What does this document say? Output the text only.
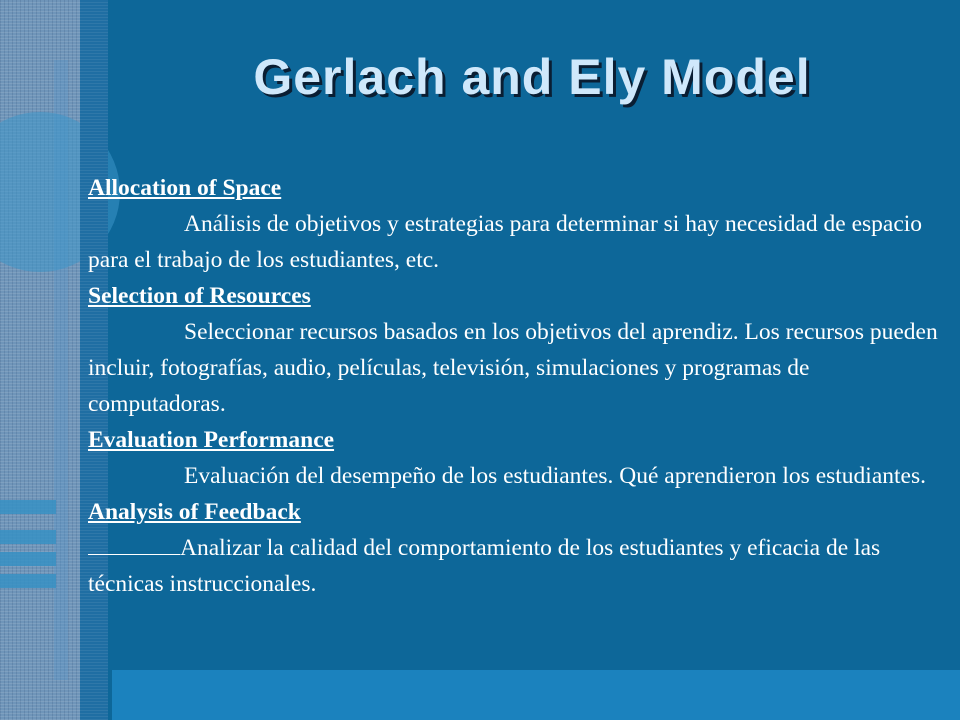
Gerlach and Ely Model
Allocation of Space

Análisis de objetivos y estrategias para determinar si hay necesidad de espacio para el trabajo de los estudiantes, etc.

Selection of Resources

Seleccionar recursos basados en los objetivos del aprendiz. Los recursos pueden incluir, fotografías, audio, películas, televisión, simulaciones y programas de computadoras.

Evaluation Performance

Evaluación del desempeño de los estudiantes. Qué aprendieron los estudiantes.

Analysis of Feedback

Analizar la calidad del comportamiento de los estudiantes y eficacia de las técnicas instruccionales.
